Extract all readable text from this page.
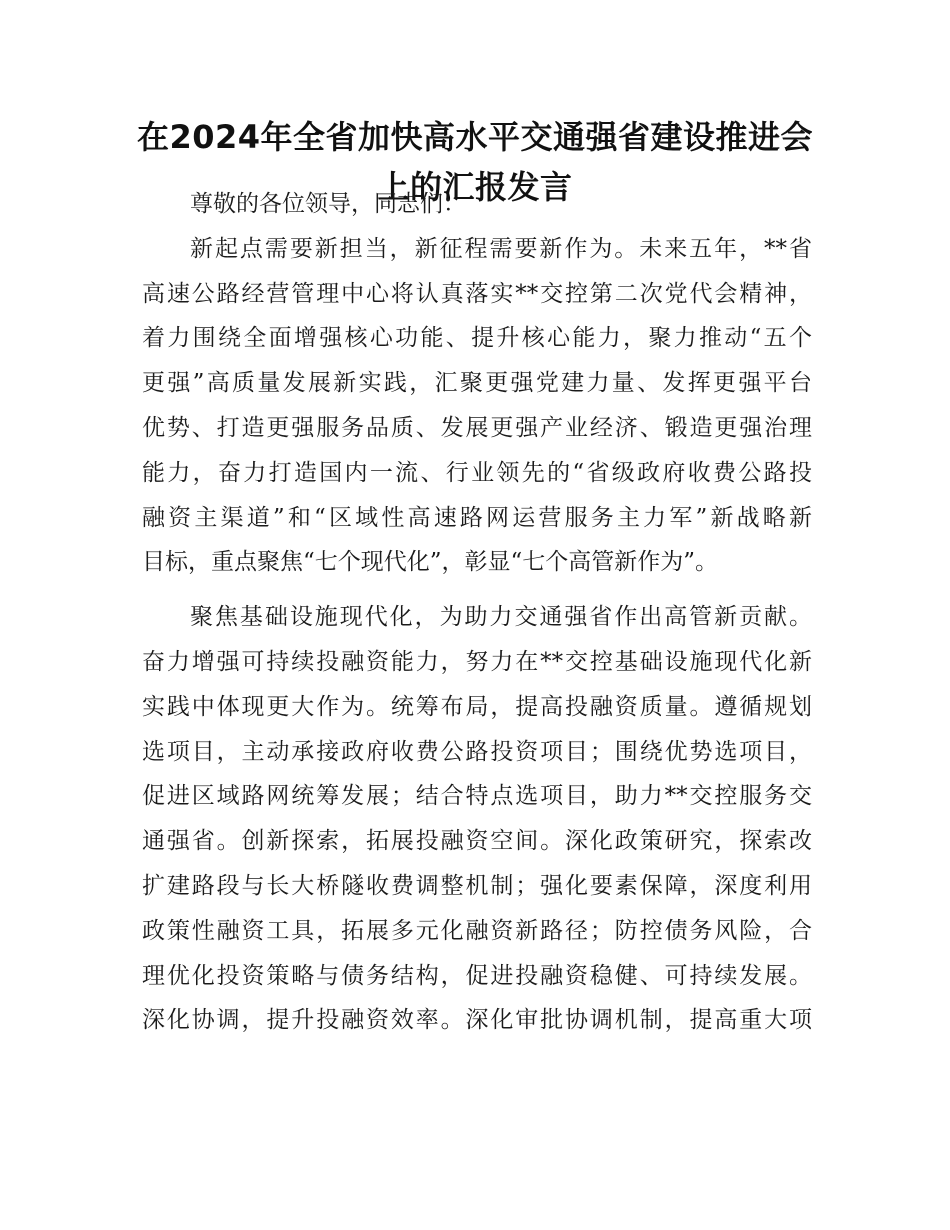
在2024年全省加快高水平交通强省建设推进会
上的汇报发言
尊敬的各位领导，同志们：
新起点需要新担当，新征程需要新作为。未来五年，**省
高速公路经营管理中心将认真落实**交控第二次党代会精神，
着力围绕全面增强核心功能、提升核心能力，聚力推动“五个
更强”高质量发展新实践，汇聚更强党建力量、发挥更强平台
优势、打造更强服务品质、发展更强产业经济、锻造更强治理
能力，奋力打造国内一流、行业领先的“省级政府收费公路投
融资主渠道”和“区域性高速路网运营服务主力军”新战略新
目标，重点聚焦“七个现代化”，彰显“七个高管新作为”。
聚焦基础设施现代化，为助力交通强省作出高管新贡献。
奋力增强可持续投融资能力，努力在**交控基础设施现代化新
实践中体现更大作为。统筹布局，提高投融资质量。遵循规划
选项目，主动承接政府收费公路投资项目；围绕优势选项目，
促进区域路网统筹发展；结合特点选项目，助力**交控服务交
通强省。创新探索，拓展投融资空间。深化政策研究，探索改
扩建路段与长大桥隧收费调整机制；强化要素保障，深度利用
政策性融资工具，拓展多元化融资新路径；防控债务风险，合
理优化投资策略与债务结构，促进投融资稳健、可持续发展。
深化协调，提升投融资效率。深化审批协调机制，提高重大项
